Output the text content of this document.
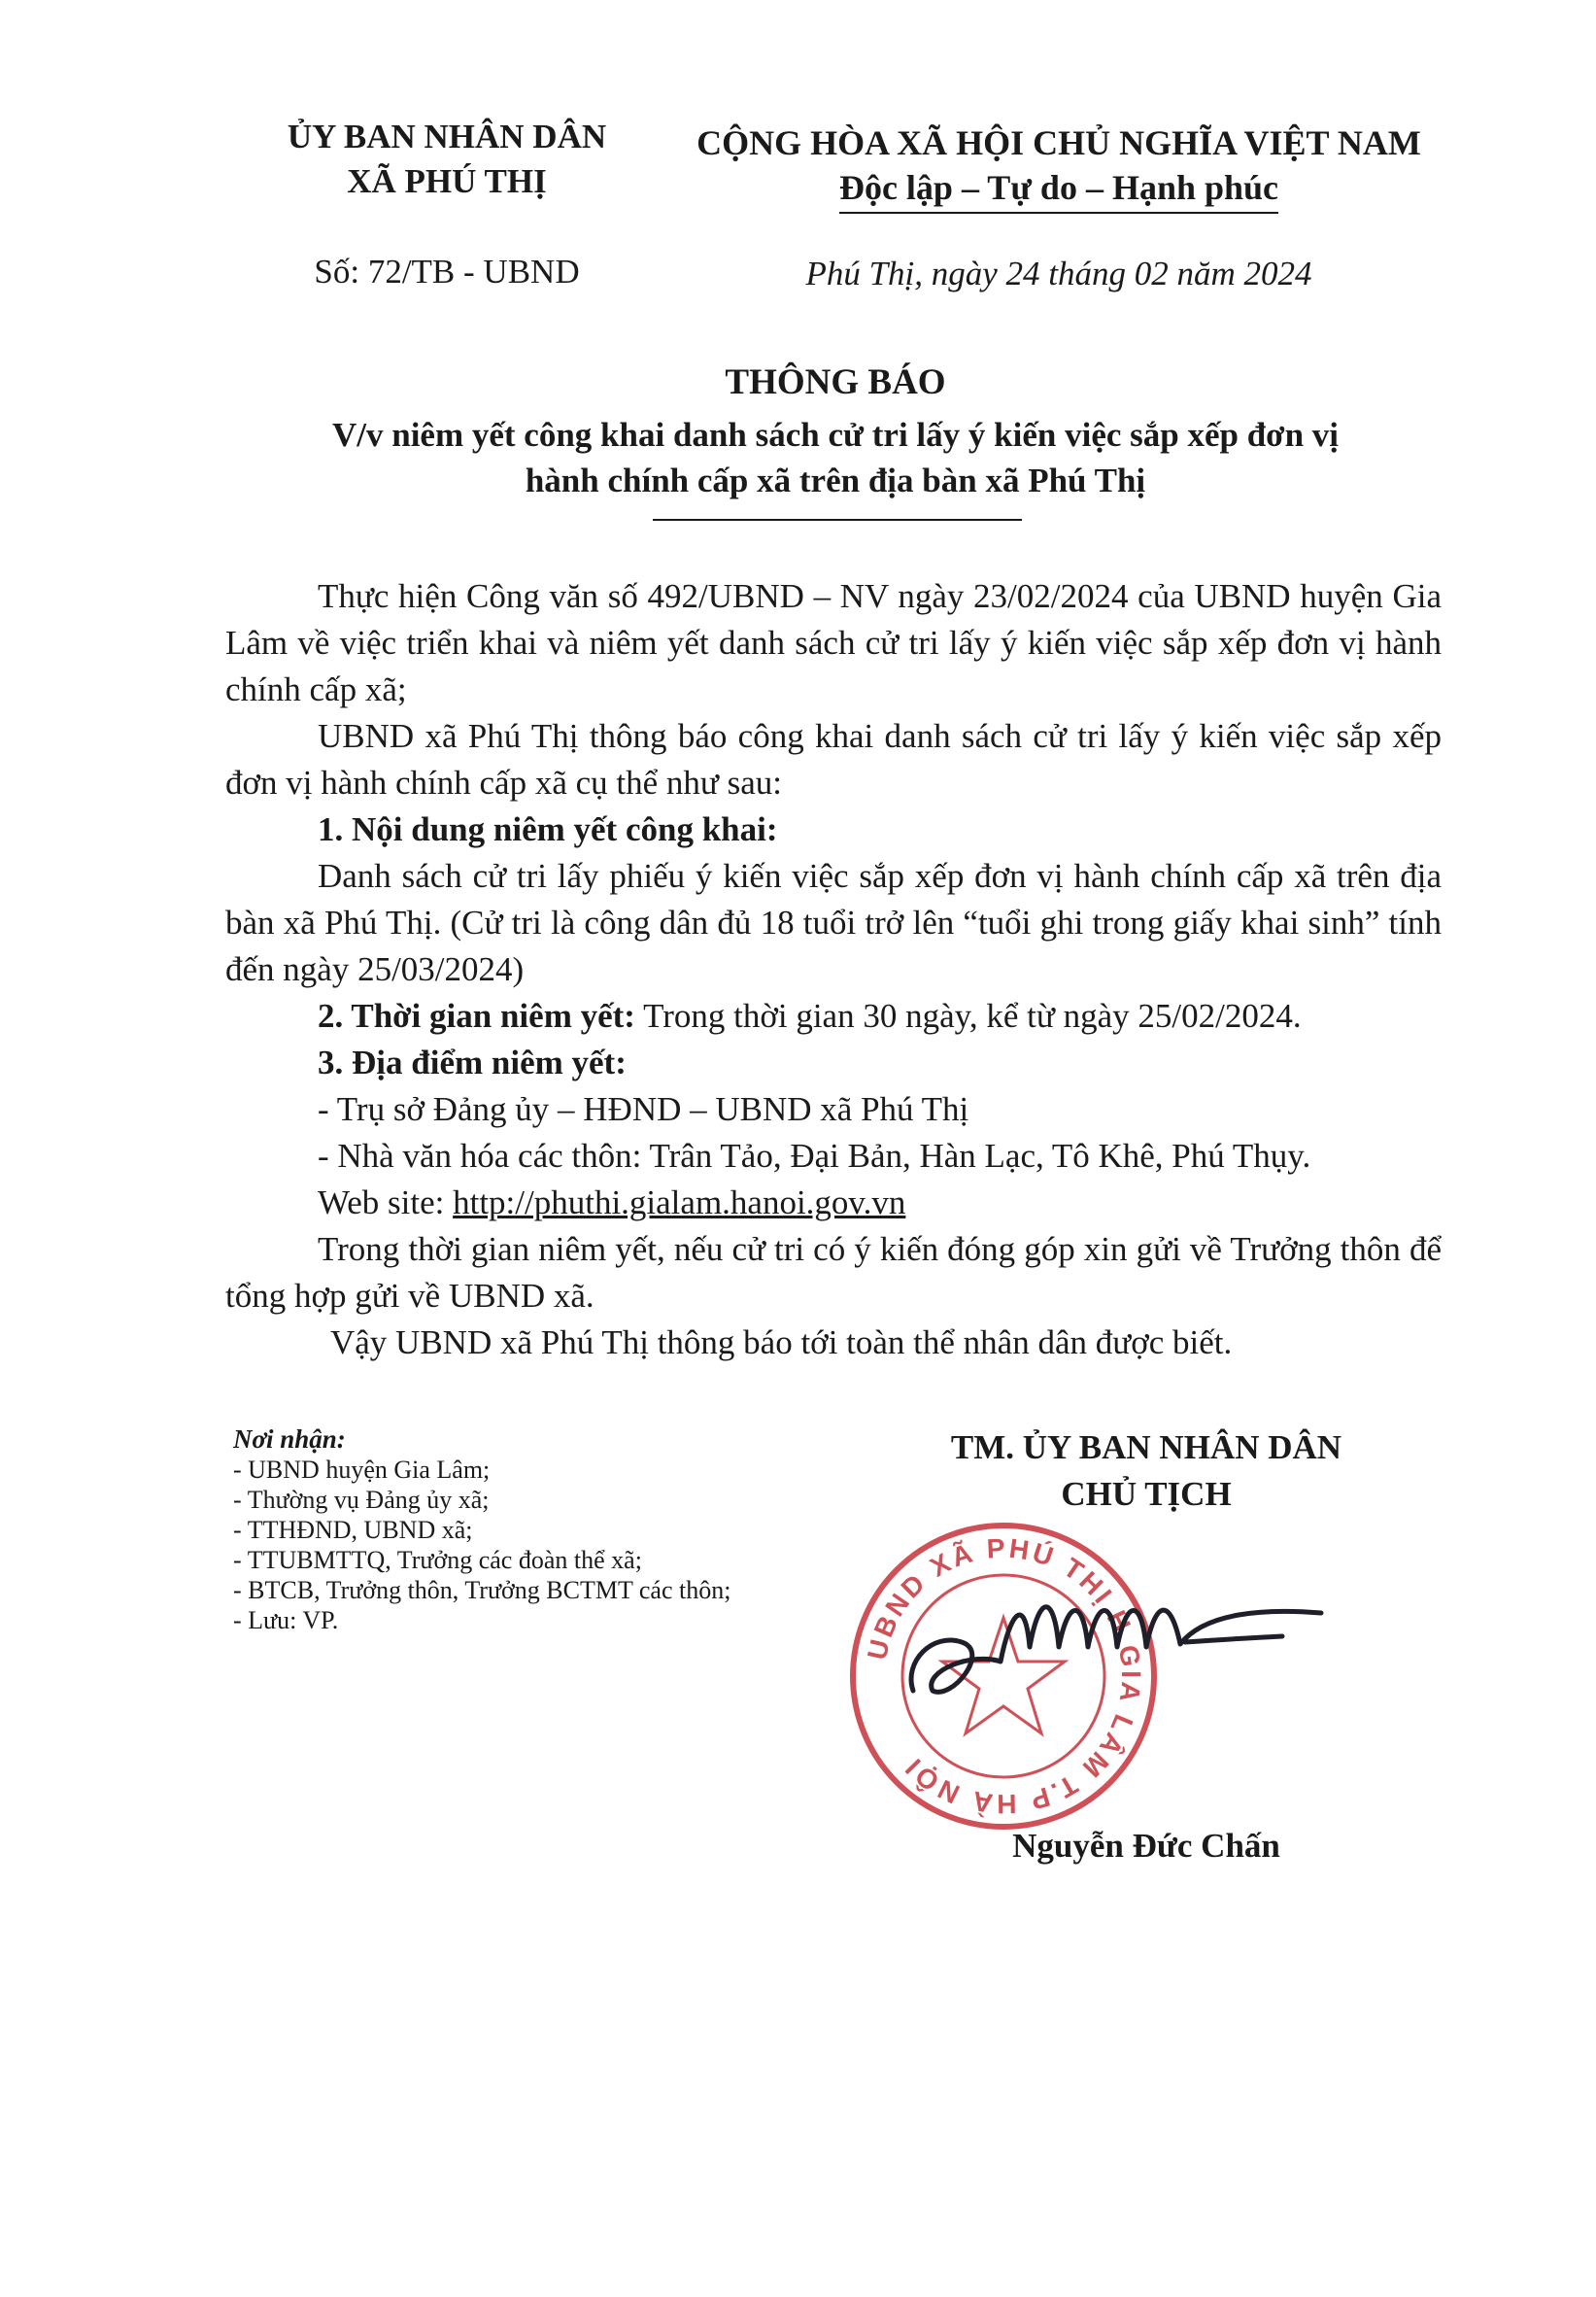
ỦY BAN NHÂN DÂN
XÃ PHÚ THỊ
CỘNG HÒA XÃ HỘI CHỦ NGHĨA VIỆT NAM
Độc lập – Tự do – Hạnh phúc
Số: 72/TB - UBND	Phú Thị, ngày 24 tháng 02 năm 2024
THÔNG BÁO
V/v niêm yết công khai danh sách cử tri lấy ý kiến việc sắp xếp đơn vị
hành chính cấp xã trên địa bàn xã Phú Thị

Thực hiện Công văn số 492/UBND – NV ngày 23/02/2024 của UBND huyện Gia Lâm về việc triển khai và niêm yết danh sách cử tri lấy ý kiến việc sắp xếp đơn vị hành chính cấp xã;

UBND xã Phú Thị thông báo công khai danh sách cử tri lấy ý kiến việc sắp xếp đơn vị hành chính cấp xã cụ thể như sau:

1. Nội dung niêm yết công khai:

Danh sách cử tri lấy phiếu ý kiến việc sắp xếp đơn vị hành chính cấp xã trên địa bàn xã Phú Thị. (Cử tri là công dân đủ 18 tuổi trở lên “tuổi ghi trong giấy khai sinh” tính đến ngày 25/03/2024)

2. Thời gian niêm yết: Trong thời gian 30 ngày, kể từ ngày 25/02/2024.

3. Địa điểm niêm yết:

- Trụ sở Đảng ủy – HĐND – UBND xã Phú Thị

- Nhà văn hóa các thôn: Trân Tảo, Đại Bản, Hàn Lạc, Tô Khê, Phú Thụy.

Web site: http://phuthi.gialam.hanoi.gov.vn

Trong thời gian niêm yết, nếu cử tri có ý kiến đóng góp xin gửi về Trưởng thôn để tổng hợp gửi về UBND xã.

Vậy UBND xã Phú Thị thông báo tới toàn thể nhân dân được biết.

Nơi nhận:
- UBND huyện Gia Lâm;
- Thường vụ Đảng ủy xã;
- TTHĐND, UBND xã;
- TTUBMTTQ, Trưởng các đoàn thể xã;
- BTCB, Trưởng thôn, Trưởng BCTMT các thôn;
- Lưu: VP.
TM. ỦY BAN NHÂN DÂN
CHỦ TỊCH
UBND XÃ PHÚ THỊ H.GIA LÂM T.P HÀ NỘI
Nguyễn Đức Chấn
